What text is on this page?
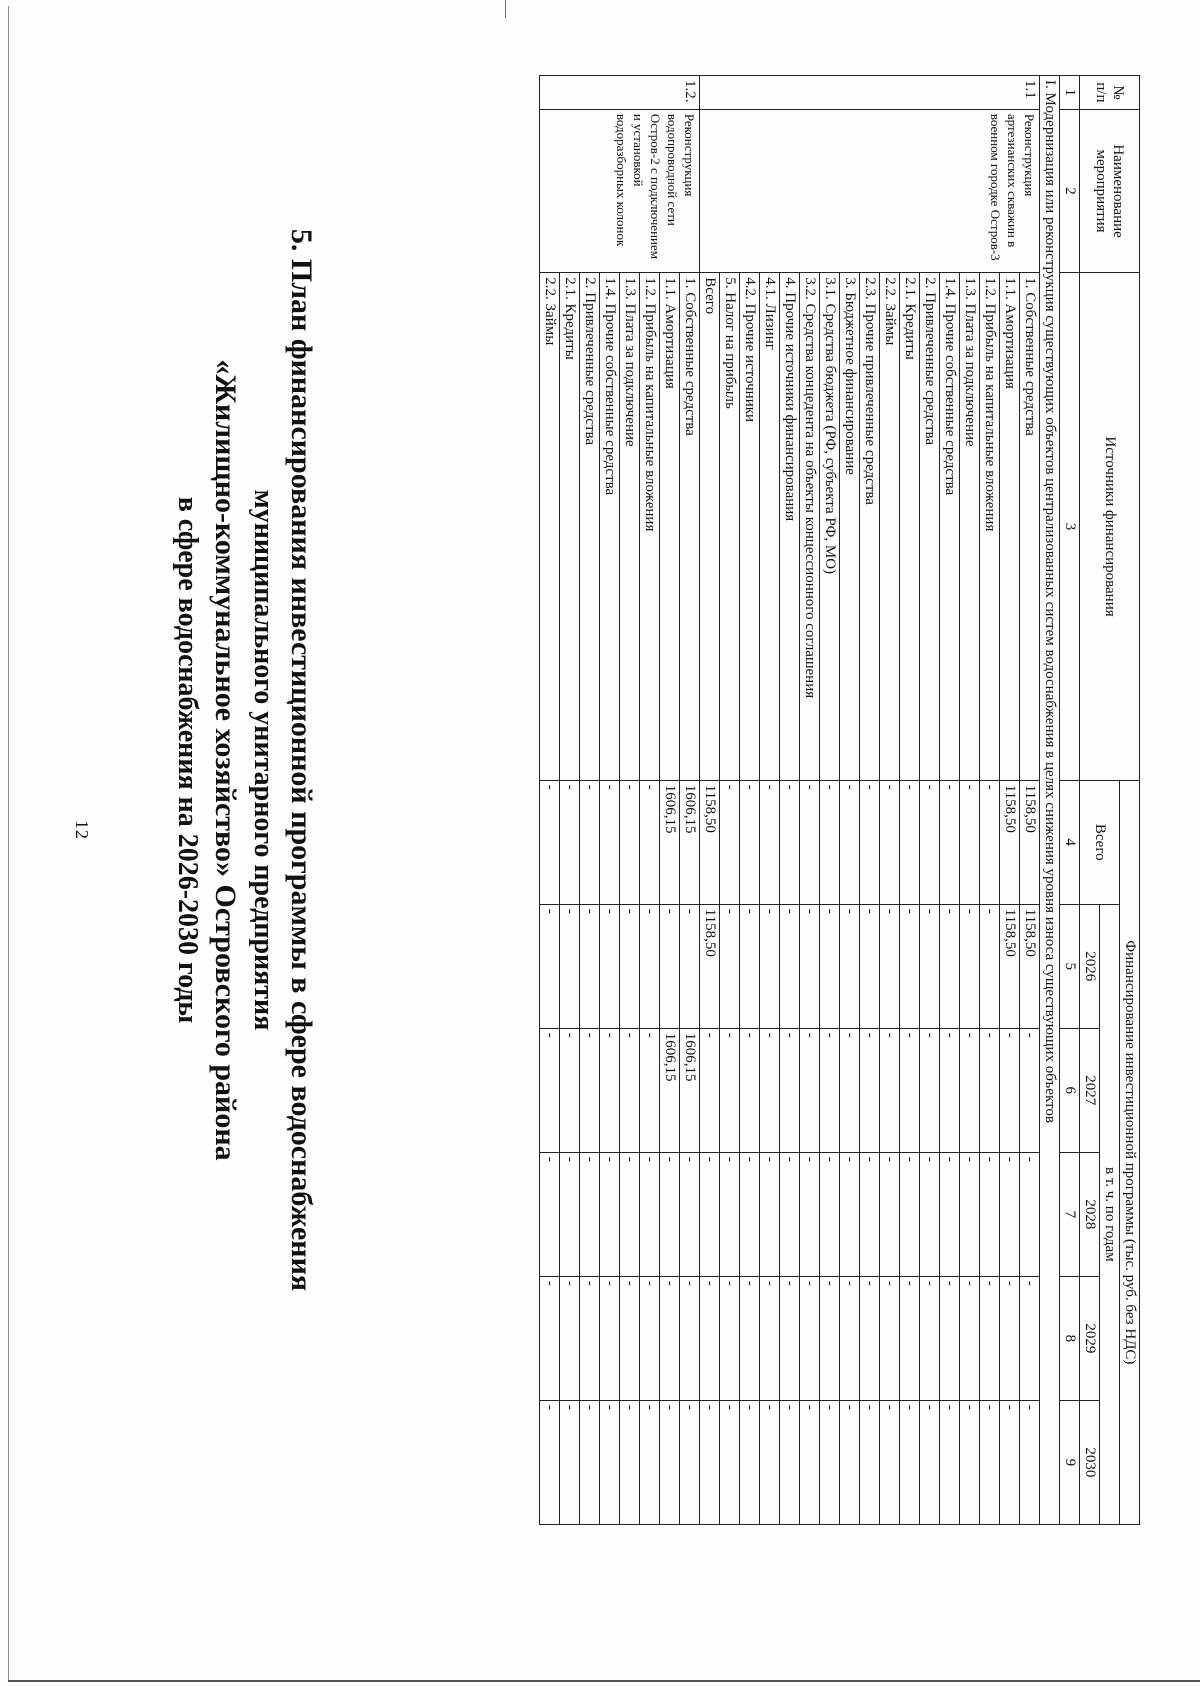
12	5. План финансирования инвестиционной программы в сфере водоснабжения
муниципального унитарного предприятия
«Жилищно-коммунальное хозяйство» Островского района
в сфере водоснабжения на 2026-2030 годы
№ п/п	Наименование мероприятия	Источники финансирования	Финансирование инвестиционной программы (тыс. руб. без НДС)					
			Всего	в т. ч. по годам				
				2026	2027	2028	2029	2030
1	2	3	4	5	6	7	8	9
I. Модернизация или реконструкция существующих объектов централизованных систем водоснабжения в целях снижения уровня износа существующих объектов								
1.1	Реконструкция артезианских скважин в военном городке Остров-3	1. Собственные средства	1158,50	1158,50	-	-	-	-
		1.1. Амортизация	1158,50	1158,50	-	-	-	-
		1.2. Прибыль на капитальные вложения	-	-	-	-	-	-
		1.3. Плата за подключение	-	-	-	-	-	-
		1.4. Прочие собственные средства	-	-	-	-	-	-
		2. Привлеченные средства	-	-	-	-	-	-
		2.1. Кредиты	-	-	-	-	-	-
		2.2. Займы	-	-	-	-	-	-
		2.3. Прочие привлеченные средства	-	-	-	-	-	-
		3. Бюджетное финансирование	-	-	-	-	-	-
		3.1. Средства бюджета (РФ, субъекта РФ, МО)	-	-	-	-	-	-
		3.2. Средства концедента на объекты концессионного соглашения	-	-	-	-	-	-
		4. Прочие источники финансирования	-	-	-	-	-	-
		4.1. Лизинг	-	-	-	-	-	-
		4.2. Прочие источники	-	-	-	-	-	-
		5. Налог на прибыль	-	-	-	-	-	-
		Всего	1158,50	1158,50	-	-	-	-
1.2.	Реконструкция водопроводной сети Остров-2 с подключением и установкой водоразборных колонок	1. Собственные средства	1606,15	-	1606,15	-	-	-
		1.1. Амортизация	1606,15	-	1606,15	-	-	-
		1.2. Прибыль на капитальные вложения	-	-	-	-	-	-
		1.3. Плата за подключение	-	-	-	-	-	-
		1.4. Прочие собственные средства	-	-	-	-	-	-
		2. Привлеченные средства	-	-	-	-	-	-
		2.1. Кредиты	-	-	-	-	-	-
		2.2. Займы	-	-	-	-	-	-
